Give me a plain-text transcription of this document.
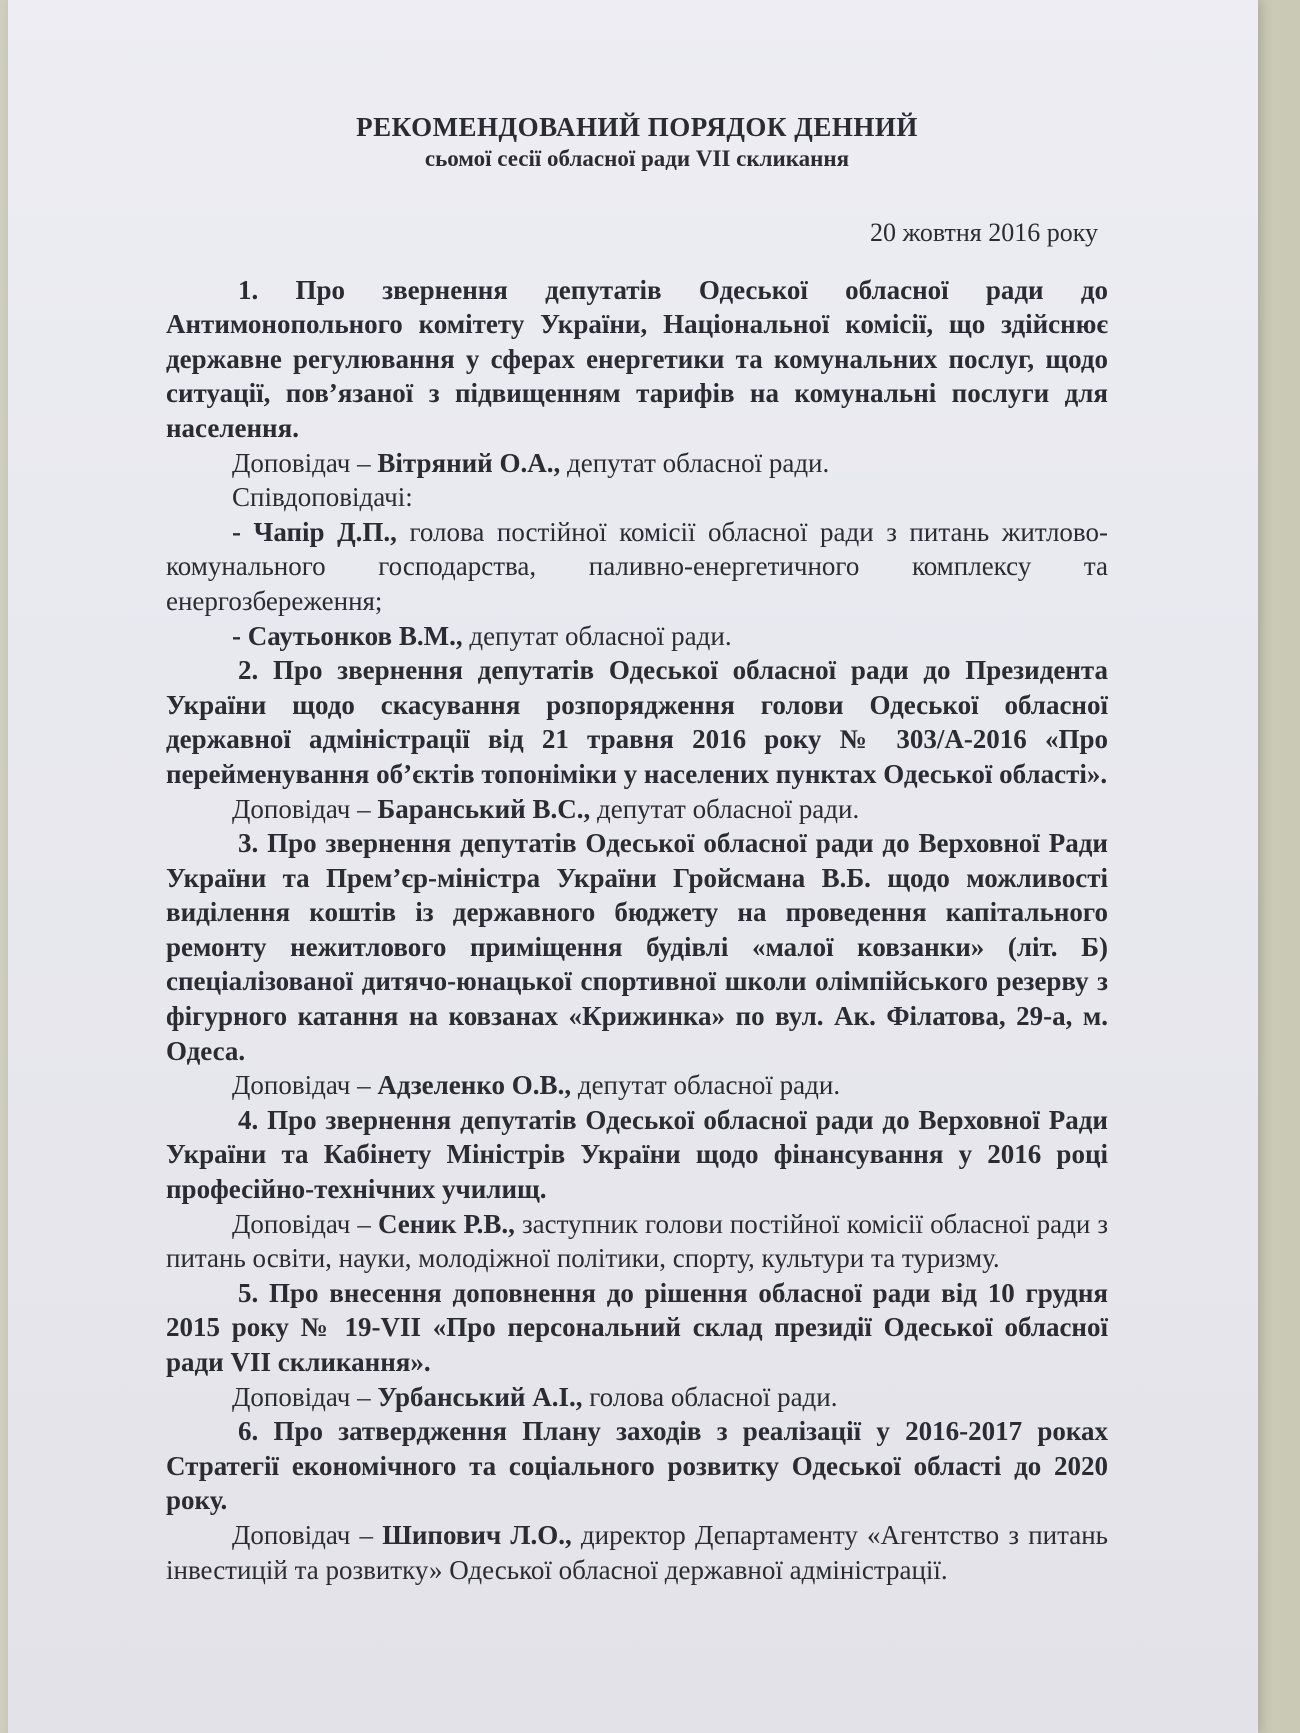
РЕКОМЕНДОВАНИЙ ПОРЯДОК ДЕННИЙ

сьомої сесії обласної ради VII скликання

20 жовтня 2016 року

1. Про звернення депутатів Одеської обласної ради до Антимонопольного комітету України, Національної комісії, що здійснює державне регулювання у сферах енергетики та комунальних послуг, щодо ситуації, пов’язаної з підвищенням тарифів на комунальні послуги для населення.

Доповідач – Вітряний О.А., депутат обласної ради.

Співдоповідачі:

- Чапір Д.П., голова постійної комісії обласної ради з питань житлово-комунального господарства, паливно-енергетичного комплексу та енергозбереження;

- Саутьонков В.М., депутат обласної ради.

2. Про звернення депутатів Одеської обласної ради до Президента України щодо скасування розпорядження голови Одеської обласної державної адміністрації від 21 травня 2016 року № 303/А-2016 «Про перейменування об’єктів топоніміки у населених пунктах Одеської області».

Доповідач – Баранський В.С., депутат обласної ради.

3. Про звернення депутатів Одеської обласної ради до Верховної Ради України та Прем’єр-міністра України Гройсмана В.Б. щодо можливості виділення коштів із державного бюджету на проведення капітального ремонту нежитлового приміщення будівлі «малої ковзанки» (літ. Б) спеціалізованої дитячо-юнацької спортивної школи олімпійського резерву з фігурного катання на ковзанах «Крижинка» по вул. Ак. Філатова, 29-а, м. Одеса.

Доповідач – Адзеленко О.В., депутат обласної ради.

4. Про звернення депутатів Одеської обласної ради до Верховної Ради України та Кабінету Міністрів України щодо фінансування у 2016 році професійно-технічних училищ.

Доповідач – Сеник Р.В., заступник голови постійної комісії обласної ради з питань освіти, науки, молодіжної політики, спорту, культури та туризму.

5. Про внесення доповнення до рішення обласної ради від 10 грудня 2015 року № 19-VII «Про персональний склад президії Одеської обласної ради VII скликання».

Доповідач – Урбанський А.І., голова обласної ради.

6. Про затвердження Плану заходів з реалізації у 2016-2017 роках Стратегії економічного та соціального розвитку Одеської області до 2020 року.

Доповідач – Шипович Л.О., директор Департаменту «Агентство з питань інвестицій та розвитку» Одеської обласної державної адміністрації.
